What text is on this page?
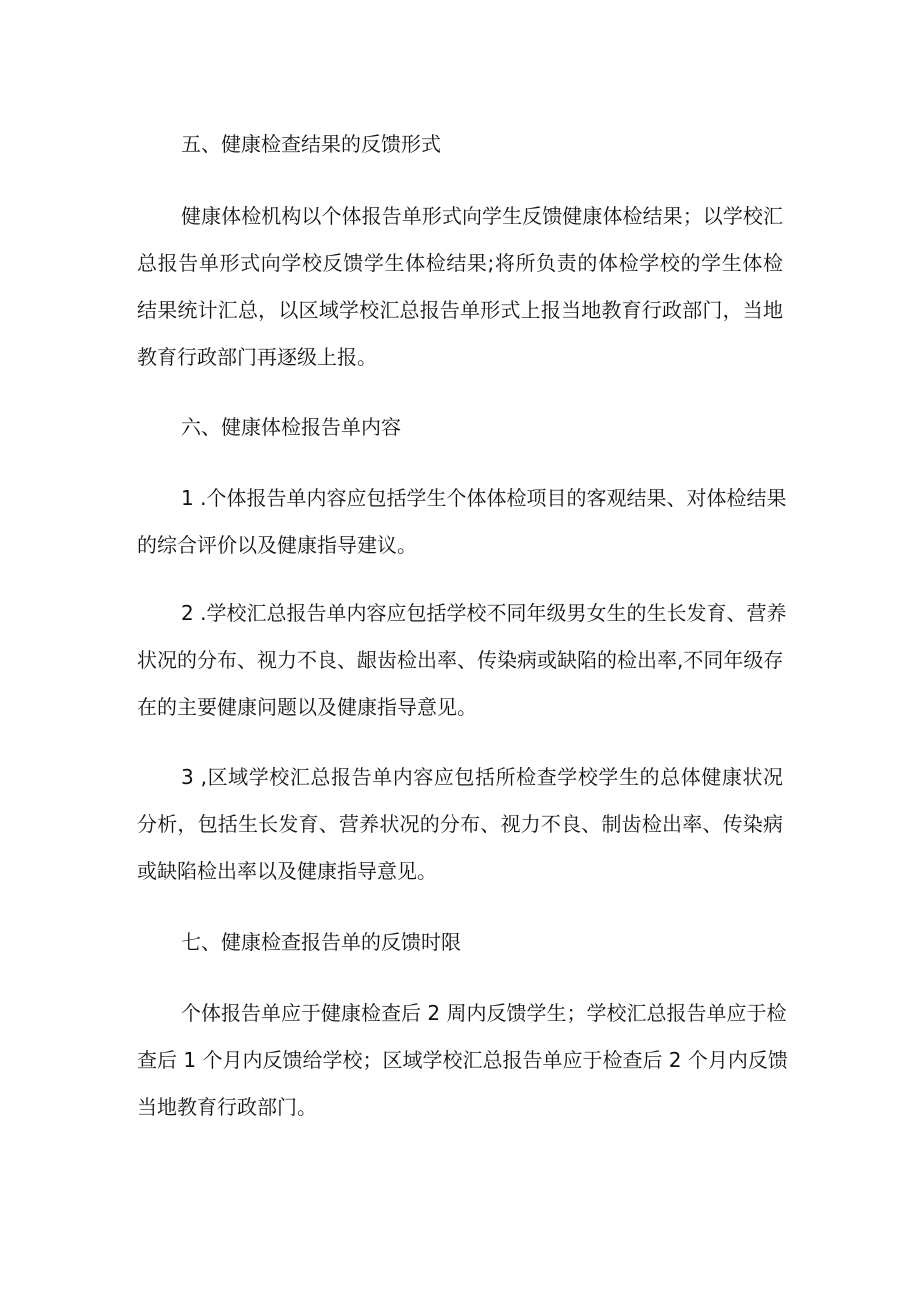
五、健康检查结果的反馈形式
健康体检机构以个体报告单形式向学生反馈健康体检结果；以学校汇
总报告单形式向学校反馈学生体检结果;将所负责的体检学校的学生体检
结果统计汇总，以区域学校汇总报告单形式上报当地教育行政部门，当地
教育行政部门再逐级上报。
六、健康体检报告单内容
1 .个体报告单内容应包括学生个体体检项目的客观结果、对体检结果
的综合评价以及健康指导建议。
2 .学校汇总报告单内容应包括学校不同年级男女生的生长发育、营养
状况的分布、视力不良、龈齿检出率、传染病或缺陷的检出率,不同年级存
在的主要健康问题以及健康指导意见。
3 ,区域学校汇总报告单内容应包括所检查学校学生的总体健康状况
分析，包括生长发育、营养状况的分布、视力不良、制齿检出率、传染病
或缺陷检出率以及健康指导意见。
七、健康检查报告单的反馈时限
个体报告单应于健康检查后 2 周内反馈学生；学校汇总报告单应于检
查后 1 个月内反馈给学校；区域学校汇总报告单应于检查后 2 个月内反馈
当地教育行政部门。
